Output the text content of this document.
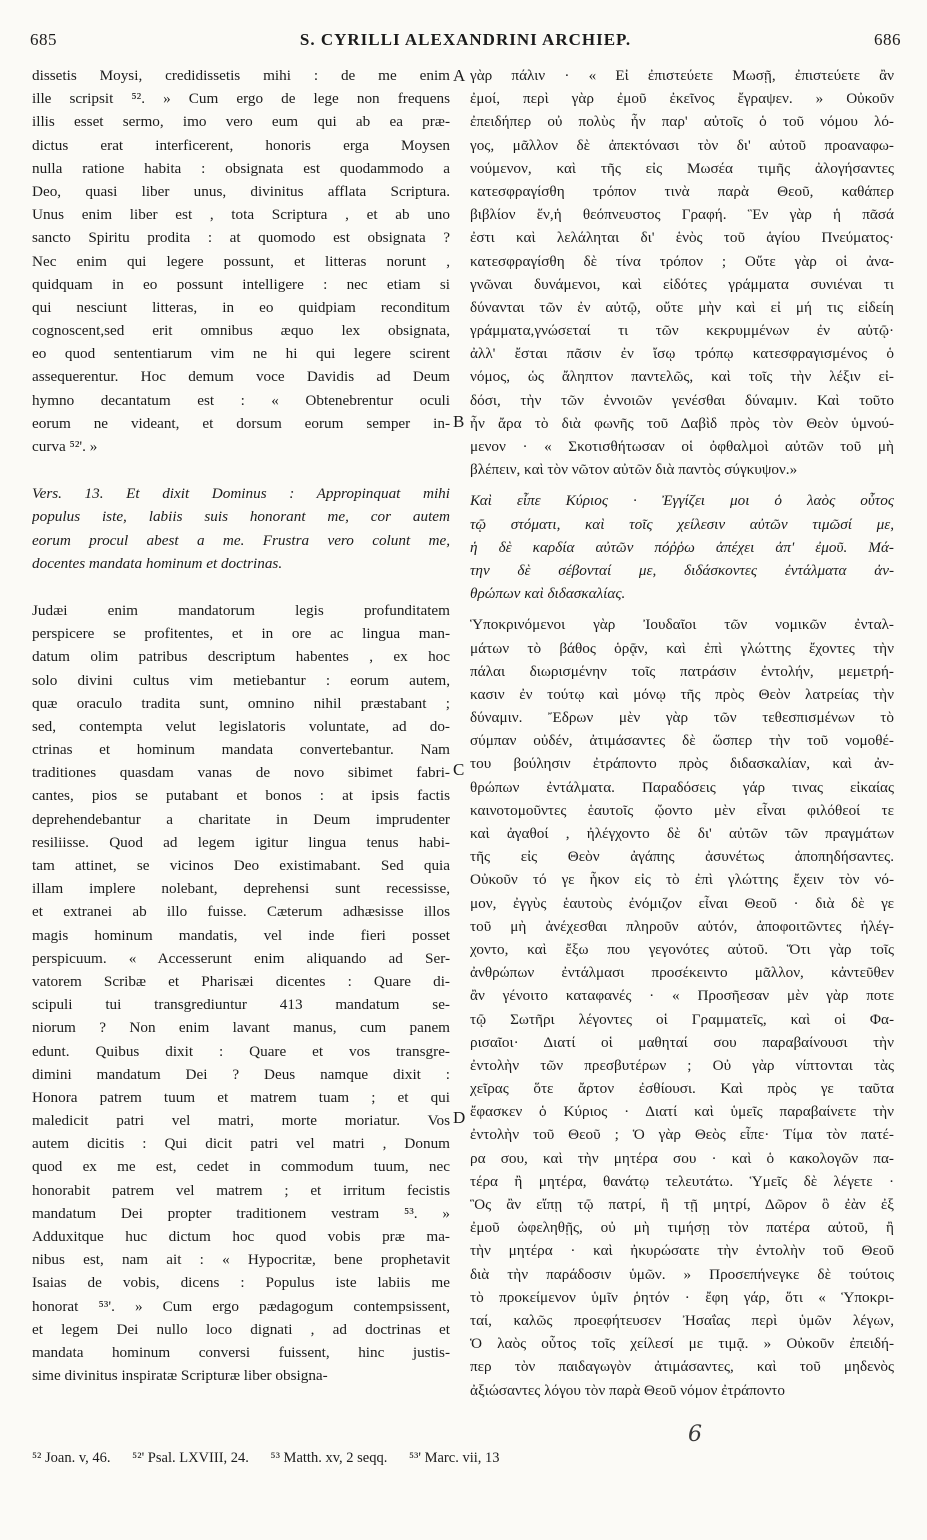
685	S. CYRILLI ALEXANDRINI ARCHIEP.	686
dissetis Moysi, credidissetis mihi : de me enim
ille scripsit ⁵². » Cum ergo de lege non frequens
illis esset sermo, imo vero eum qui ab ea præ-
dictus erat interficerent, honoris erga Moysen
nulla ratione habita : obsignata est quodammodo a
Deo, quasi liber unus, divinitus afflata Scriptura.
Unus enim liber est , tota Scriptura , et ab uno
sancto Spiritu prodita : at quomodo est obsignata ?
Nec enim qui legere possunt, et litteras norunt ,
quidquam in eo possunt intelligere : nec etiam si
qui nesciunt litteras, in eo quidpiam reconditum
cognoscent,sed erit omnibus æquo lex obsignata,
eo quod sententiarum vim ne hi qui legere scirent
assequerentur. Hoc demum voce Davidis ad Deum
hymno decantatum est : « Obtenebrentur oculi
eorum ne videant, et dorsum eorum semper in-
curva ⁵²'. »
Vers. 13. Et dixit Dominus : Appropinquat mihi
populus iste, labiis suis honorant me, cor autem
eorum procul abest a me. Frustra vero colunt me,
docentes mandata hominum et doctrinas.
Judæi enim mandatorum legis profunditatem
perspicere se profitentes, et in ore ac lingua man-
datum olim patribus descriptum habentes , ex hoc
solo divini cultus vim metiebantur : eorum autem,
quæ oraculo tradita sunt, omnino nihil præstabant ;
sed, contempta velut legislatoris voluntate, ad do-
ctrinas et hominum mandata convertebantur. Nam
traditiones quasdam vanas de novo sibimet fabri-
cantes, pios se putabant et bonos : at ipsis factis
deprehendebantur a charitate in Deum imprudenter
resiliisse. Quod ad legem igitur lingua tenus habi-
tam attinet, se vicinos Deo existimabant. Sed quia
illam implere nolebant, deprehensi sunt recessisse,
et extranei ab illo fuisse. Cæterum adhæsisse illos
magis hominum mandatis, vel inde fieri posset
perspicuum. « Accesserunt enim aliquando ad Ser-
vatorem Scribæ et Pharisæi dicentes : Quare di-
scipuli tui transgrediuntur 413 mandatum se-
niorum ? Non enim lavant manus, cum panem
edunt. Quibus dixit : Quare et vos transgre-
dimini mandatum Dei ? Deus namque dixit :
Honora patrem tuum et matrem tuam ; et qui
maledicit patri vel matri, morte moriatur. Vos
autem dicitis : Qui dicit patri vel matri , Donum
quod ex me est, cedet in commodum tuum, nec
honorabit patrem vel matrem ; et irritum fecistis
mandatum Dei propter traditionem vestram ⁵³. »
Adduxitque huc dictum hoc quod vobis præ ma-
nibus est, nam ait : « Hypocritæ, bene prophetavit
Isaias de vobis, dicens : Populus iste labiis me
honorat ⁵³'. » Cum ergo pædagogum contempsissent,
et legem Dei nullo loco dignati , ad doctrinas et
mandata hominum conversi fuissent, hinc justis-
sime divinitus inspiratæ Scripturæ liber obsigna-
γὰρ πάλιν · « Εἰ ἐπιστεύετε Μωσῇ, ἐπιστεύετε ἂν
ἐμοί, περὶ γὰρ ἐμοῦ ἐκεῖνος ἔγραψεν. » Οὐκοῦν
ἐπειδήπερ οὐ πολὺς ἦν παρ' αὐτοῖς ὁ τοῦ νόμου λό-
γος, μᾶλλον δὲ ἀπεκτόνασι τὸν δι' αὐτοῦ προαναφω-
νούμενον, καὶ τῆς εἰς Μωσέα τιμῆς ἀλογήσαντες
κατεσφραγίσθη τρόπον τινὰ παρὰ Θεοῦ, καθάπερ
βιβλίον ἕν,ἡ θεόπνευστος Γραφή. Ἓν γὰρ ἡ πᾶσά
ἐστι καὶ λελάληται δι' ἑνὸς τοῦ ἁγίου Πνεύματος·
κατεσφραγίσθη δὲ τίνα τρόπον ; Οὔτε γὰρ οἱ ἀνα-
γνῶναι δυνάμενοι, καὶ εἰδότες γράμματα συνιέναι τι
δύνανται τῶν ἐν αὐτῷ, οὔτε μὴν καὶ εἰ μή τις εἰδείη
γράμματα,γνώσεταί τι τῶν κεκρυμμένων ἐν αὐτῷ·
ἀλλ' ἔσται πᾶσιν ἐν ἴσῳ τρόπῳ κατεσφραγισμένος ὁ
νόμος, ὡς ἄληπτον παντελῶς, καὶ τοῖς τὴν λέξιν εἰ-
δόσι, τὴν τῶν ἐννοιῶν γενέσθαι δύναμιν. Καὶ τοῦτο
ἦν ἄρα τὸ διὰ φωνῆς τοῦ Δαβὶδ πρὸς τὸν Θεὸν ὑμνού-
μενον · « Σκοτισθήτωσαν οἱ ὀφθαλμοὶ αὐτῶν τοῦ μὴ
βλέπειν, καὶ τὸν νῶτον αὐτῶν διὰ παντὸς σύγκυψον.»
Καὶ εἶπε Κύριος · Ἐγγίζει μοι ὁ λαὸς οὗτος
τῷ στόματι, καὶ τοῖς χείλεσιν αὐτῶν τιμῶσί με,
ἡ δὲ καρδία αὐτῶν πόῤῥω ἀπέχει ἀπ' ἐμοῦ. Μά-
την δὲ σέβονταί με, διδάσκοντες ἐντάλματα ἀν-
θρώπων καὶ διδασκαλίας.
Ὑποκρινόμενοι γὰρ Ἰουδαῖοι τῶν νομικῶν ἐνταλ-
μάτων τὸ βάθος ὁρᾷν, καὶ ἐπὶ γλώττης ἔχοντες τὴν
πάλαι διωρισμένην τοῖς πατράσιν ἐντολήν, μεμετρή-
κασιν ἐν τούτῳ καὶ μόνῳ τῆς πρὸς Θεὸν λατρείας τὴν
δύναμιν. Ἔδρων μὲν γὰρ τῶν τεθεσπισμένων τὸ
σύμπαν οὐδέν, ἀτιμάσαντες δὲ ὥσπερ τὴν τοῦ νομοθέ-
του βούλησιν ἐτράποντο πρὸς διδασκαλίαν, καὶ ἀν-
θρώπων ἐντάλματα. Παραδόσεις γάρ τινας εἰκαίας
καινοτομοῦντες ἑαυτοῖς ᾤοντο μὲν εἶναι φιλόθεοί τε
καὶ ἀγαθοί , ἠλέγχοντο δὲ δι' αὐτῶν τῶν πραγμάτων
τῆς εἰς Θεὸν ἀγάπης ἀσυνέτως ἀποπηδήσαντες.
Οὐκοῦν τό γε ἧκον εἰς τὸ ἐπὶ γλώττης ἔχειν τὸν νό-
μον, ἐγγὺς ἑαυτοὺς ἐνόμιζον εἶναι Θεοῦ · διὰ δὲ γε
τοῦ μὴ ἀνέχεσθαι πληροῦν αὐτόν, ἀποφοιτῶντες ἠλέγ-
χοντο, καὶ ἔξω που γεγονότες αὐτοῦ. Ὅτι γὰρ τοῖς
ἀνθρώπων ἐντάλμασι προσέκειντο μᾶλλον, κἀντεῦθεν
ἂν γένοιτο καταφανές · « Προσῆεσαν μὲν γὰρ ποτε
τῷ Σωτῆρι λέγοντες οἱ Γραμματεῖς, καὶ οἱ Φα-
ρισαῖοι· Διατί οἱ μαθηταί σου παραβαίνουσι τὴν
ἐντολὴν τῶν πρεσβυτέρων ; Οὐ γὰρ νίπτονται τὰς
χεῖρας ὅτε ἄρτον ἐσθίουσι. Καὶ πρὸς γε ταῦτα
ἔφασκεν ὁ Κύριος · Διατί καὶ ὑμεῖς παραβαίνετε τὴν
ἐντολὴν τοῦ Θεοῦ ; Ὁ γὰρ Θεὸς εἶπε· Τίμα τὸν πατέ-
ρα σου, καὶ τὴν μητέρα σου · καὶ ὁ κακολογῶν πα-
τέρα ἢ μητέρα, θανάτῳ τελευτάτω. Ὑμεῖς δὲ λέγετε ·
Ὃς ἂν εἴπῃ τῷ πατρί, ἢ τῇ μητρί, Δῶρον ὃ ἐὰν ἐξ
ἐμοῦ ὠφεληθῇς, οὐ μὴ τιμήσῃ τὸν πατέρα αὐτοῦ, ἢ
τὴν μητέρα · καὶ ἠκυρώσατε τὴν ἐντολὴν τοῦ Θεοῦ
διὰ τὴν παράδοσιν ὑμῶν. » Προσεπήνεγκε δὲ τούτοις
τὸ προκείμενον ὑμῖν ῥητόν · ἔφη γάρ, ὅτι « Ὑποκρι-
ταί, καλῶς προεφήτευσεν Ἠσαΐας περὶ ὑμῶν λέγων,
Ὁ λαὸς οὗτος τοῖς χείλεσί με τιμᾷ. » Οὐκοῦν ἐπειδή-
περ τὸν παιδαγωγὸν ἀτιμάσαντες, καὶ τοῦ μηδενὸς
ἀξιώσαντες λόγου τὸν παρὰ Θεοῦ νόμον ἐτράποντο
A
B
C
D
6
⁵² Joan. v, 46. ⁵²' Psal. LXVIII, 24. ⁵³ Matth. xv, 2 seqq. ⁵³' Marc. vii, 13
